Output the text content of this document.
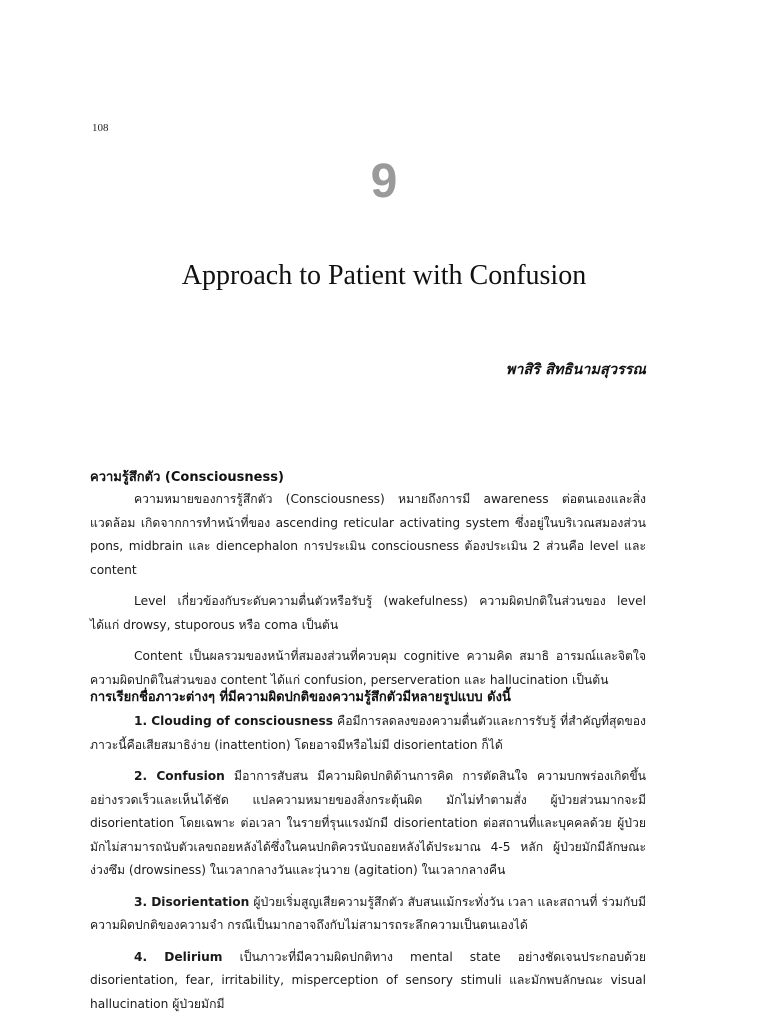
108
9
Approach to Patient with Confusion
พาสิริ สิทธินามสุวรรณ
ความรู้สึกตัว (Consciousness)

ความหมายของการรู้สึกตัว (Consciousness) หมายถึงการมี awareness ต่อตนเองและสิ่งแวดล้อม เกิดจากการทำหน้าที่ของ ascending reticular activating system ซึ่งอยู่ในบริเวณสมองส่วน pons, midbrain และ diencephalon การประเมิน consciousness ต้องประเมิน 2 ส่วนคือ level และ content

Level เกี่ยวข้องกับระดับความตื่นตัวหรือรับรู้ (wakefulness) ความผิดปกติในส่วนของ level ได้แก่ drowsy, stuporous หรือ coma เป็นต้น

Content เป็นผลรวมของหน้าที่สมองส่วนที่ควบคุม cognitive ความคิด สมาธิ อารมณ์และจิตใจ ความผิดปกติในส่วนของ content ได้แก่ confusion, perserveration และ hallucination เป็นต้น

การเรียกชื่อภาวะต่างๆ ที่มีความผิดปกติของความรู้สึกตัวมีหลายรูปแบบ ดังนี้

1. Clouding of consciousness คือมีการลดลงของความตื่นตัวและการรับรู้ ที่สำคัญที่สุดของภาวะนี้คือเสียสมาธิง่าย (inattention) โดยอาจมีหรือไม่มี disorientation ก็ได้

2. Confusion มีอาการสับสน มีความผิดปกติด้านการคิด การตัดสินใจ ความบกพร่องเกิดขึ้นอย่างรวดเร็วและเห็นได้ชัด แปลความหมายของสิ่งกระตุ้นผิด มักไม่ทำตามสั่ง ผู้ป่วยส่วนมากจะมี disorientation โดยเฉพาะ ต่อเวลา ในรายที่รุนแรงมักมี disorientation ต่อสถานที่และบุคคลด้วย ผู้ป่วยมักไม่สามารถนับตัวเลขถอยหลังได้ซึ่งในคนปกติควรนับถอยหลังได้ประมาณ 4-5 หลัก ผู้ป่วยมักมีลักษณะง่วงซึม (drowsiness) ในเวลากลางวันและวุ่นวาย (agitation) ในเวลากลางคืน

3. Disorientation ผู้ป่วยเริ่มสูญเสียความรู้สึกตัว สับสนแม้กระทั่งวัน เวลา และสถานที่ ร่วมกับมีความผิดปกติของความจำ กรณีเป็นมากอาจถึงกับไม่สามารถระลึกความเป็นตนเองได้

4. Delirium เป็นภาวะที่มีความผิดปกติทาง mental state อย่างชัดเจนประกอบด้วย disorientation, fear, irritability, misperception of sensory stimuli และมักพบลักษณะ visual hallucination ผู้ป่วยมักมี
